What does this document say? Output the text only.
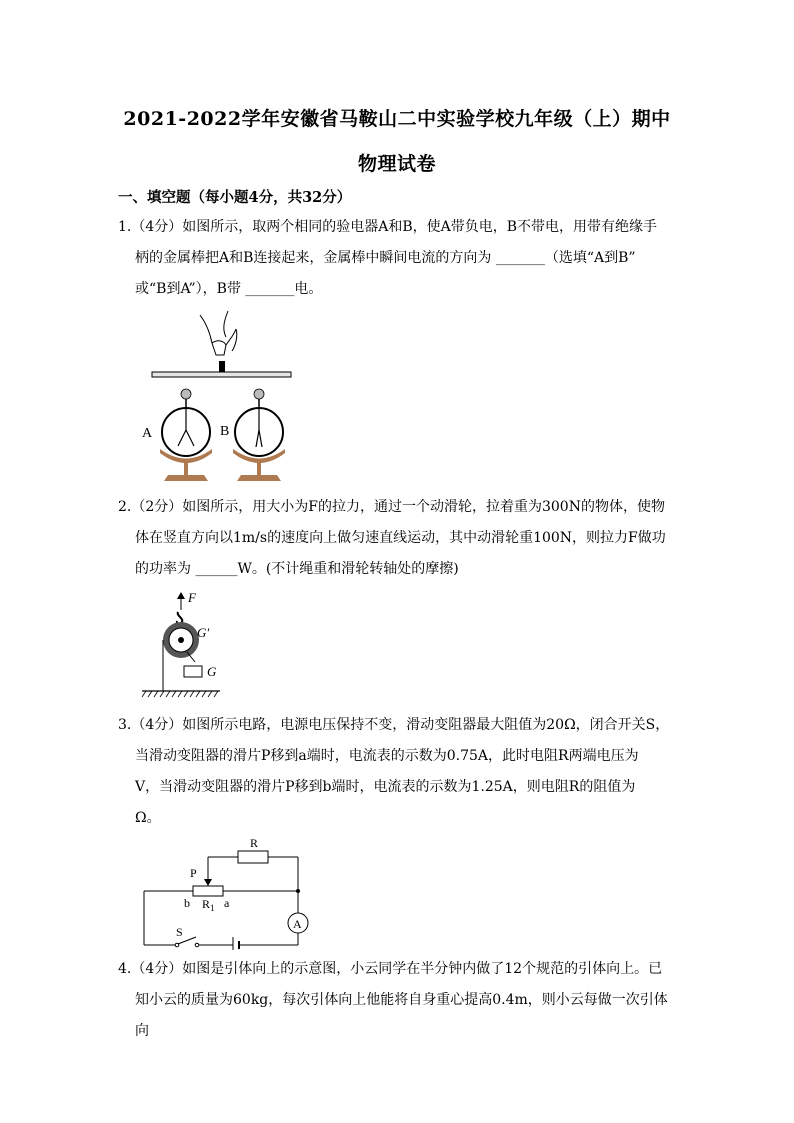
2021-2022学年安徽省马鞍山二中实验学校九年级（上）期中
物理试卷
一、填空题（每小题4分，共32分）
1.（4分）如图所示，取两个相同的验电器A和B，使A带负电，B不带电，用带有绝缘手
柄的金属棒把A和B连接起来，金属棒中瞬间电流的方向为 _______（选填“A到B”
或“B到A”），B带 _______电。
A	B
2.（2分）如图所示，用大小为F的拉力，通过一个动滑轮，拉着重为300N的物体，使物
体在竖直方向以1m/s的速度向上做匀速直线运动，其中动滑轮重100N，则拉力F做功
的功率为 ______W。(不计绳重和滑轮转轴处的摩擦)
F
G′
G
3.（4分）如图所示电路，电源电压保持不变，滑动变阻器最大阻值为20Ω，闭合开关S，
当滑动变阻器的滑片P移到a端时，电流表的示数为0.75A，此时电阻R两端电压为
V，当滑动变阻器的滑片P移到b端时，电流表的示数为1.25A，则电阻R的阻值为
Ω。
R
P
b $R_1$ a
A
S
4.（4分）如图是引体向上的示意图，小云同学在半分钟内做了12个规范的引体向上。已
知小云的质量为60kg，每次引体向上他能将自身重心提高0.4m，则小云每做一次引体向
